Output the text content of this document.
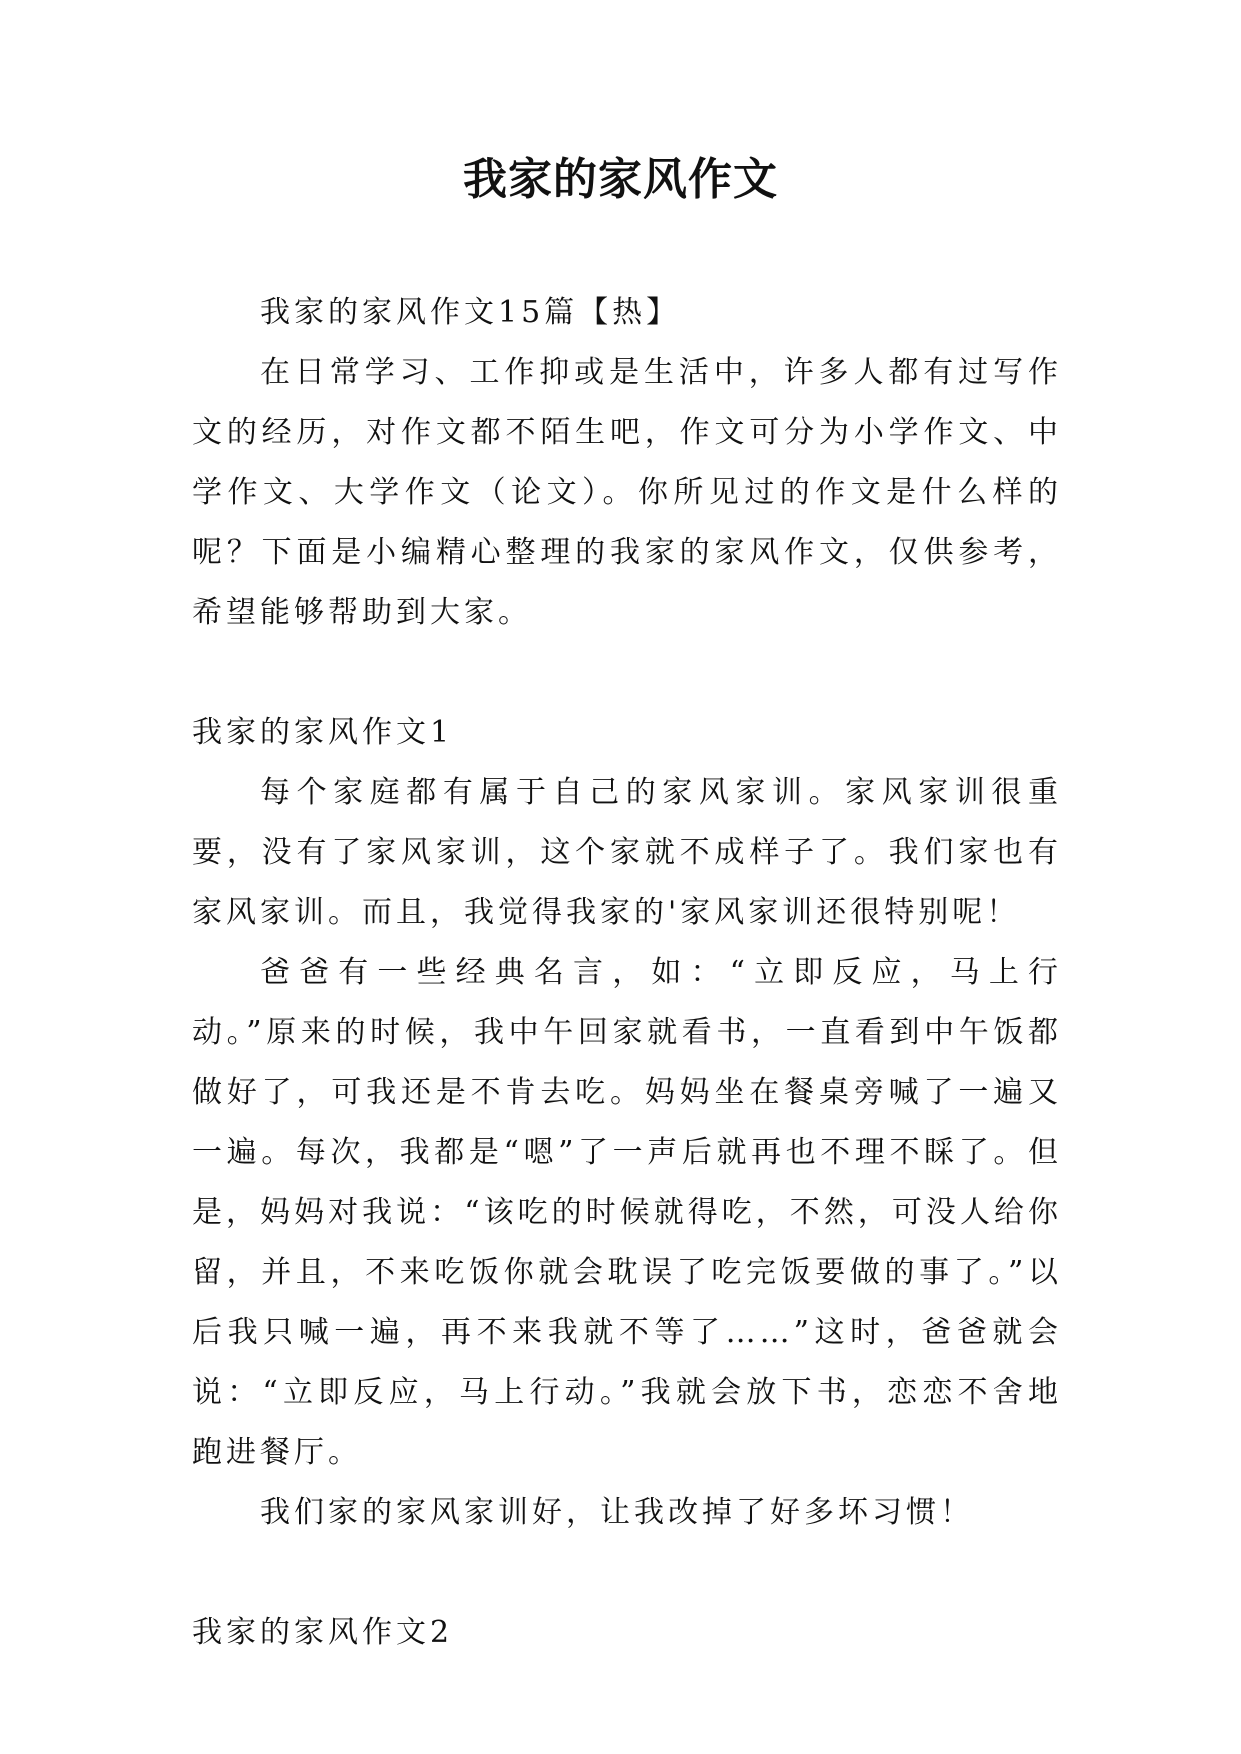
我家的家风作文

我家的家风作文15篇【热】

在日常学习、工作抑或是生活中，许多人都有过写作文的经历，对作文都不陌生吧，作文可分为小学作文、中学作文、大学作文（论文）。你所见过的作文是什么样的呢？下面是小编精心整理的我家的家风作文，仅供参考，希望能够帮助到大家。

我家的家风作文1

每个家庭都有属于自己的家风家训。家风家训很重要，没有了家风家训，这个家就不成样子了。我们家也有家风家训。而且，我觉得我家的'家风家训还很特别呢！

爸爸有一些经典名言，如：“立即反应，马上行动。”原来的时候，我中午回家就看书，一直看到中午饭都做好了，可我还是不肯去吃。妈妈坐在餐桌旁喊了一遍又一遍。每次，我都是“嗯”了一声后就再也不理不睬了。但是，妈妈对我说：“该吃的时候就得吃，不然，可没人给你留，并且，不来吃饭你就会耽误了吃完饭要做的事了。”以后我只喊一遍，再不来我就不等了……”这时，爸爸就会说：“立即反应，马上行动。”我就会放下书，恋恋不舍地跑进餐厅。

我们家的家风家训好，让我改掉了好多坏习惯！

我家的家风作文2
